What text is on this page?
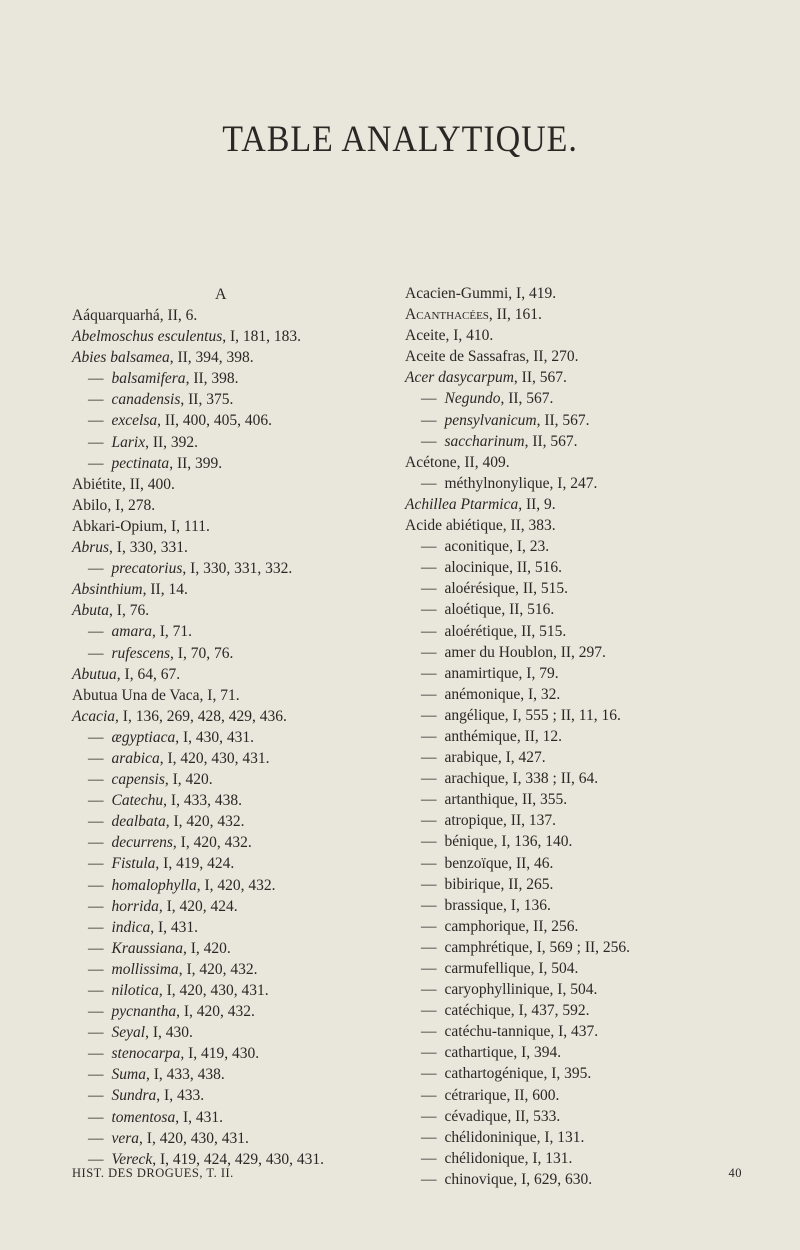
TABLE ANALYTIQUE.
A
Aáquarquarhá, II, 6.
Abelmoschus esculentus, I, 181, 183.
Abies balsamea, II, 394, 398.
— balsamifera, II, 398.
— canadensis, II, 375.
— excelsa, II, 400, 405, 406.
— Larix, II, 392.
— pectinata, II, 399.
Abiétite, II, 400.
Abilo, I, 278.
Abkari-Opium, I, 111.
Abrus, I, 330, 331.
— precatorius, I, 330, 331, 332.
Absinthium, II, 14.
Abuta, I, 76.
— amara, I, 71.
— rufescens, I, 70, 76.
Abutua, I, 64, 67.
Abutua Una de Vaca, I, 71.
Acacia, I, 136, 269, 428, 429, 436.
— ægyptiaca, I, 430, 431.
— arabica, I, 420, 430, 431.
— capensis, I, 420.
— Catechu, I, 433, 438.
— dealbata, I, 420, 432.
— decurrens, I, 420, 432.
— Fistula, I, 419, 424.
— homalophylla, I, 420, 432.
— horrida, I, 420, 424.
— indica, I, 431.
— Kraussiana, I, 420.
— mollissima, I, 420, 432.
— nilotica, I, 420, 430, 431.
— pycnantha, I, 420, 432.
— Seyal, I, 430.
— stenocarpa, I, 419, 430.
— Suma, I, 433, 438.
— Sundra, I, 433.
— tomentosa, I, 431.
— vera, I, 420, 430, 431.
— Vereck, I, 419, 424, 429, 430, 431.
Acacien-Gummi, I, 419.
Acanthacées, II, 161.
Aceite, I, 410.
Aceite de Sassafras, II, 270.
Acer dasycarpum, II, 567.
— Negundo, II, 567.
— pensylvanicum, II, 567.
— saccharinum, II, 567.
Acétone, II, 409.
— méthylnonylique, I, 247.
Achillea Ptarmica, II, 9.
Acide abiétique, II, 383.
— aconitique, I, 23.
— alocinique, II, 516.
— aloérésique, II, 515.
— aloétique, II, 516.
— aloérétique, II, 515.
— amer du Houblon, II, 297.
— anamirtique, I, 79.
— anémonique, I, 32.
— angélique, I, 555 ; II, 11, 16.
— anthémique, II, 12.
— arabique, I, 427.
— arachique, I, 338 ; II, 64.
— artanthique, II, 355.
— atropique, II, 137.
— bénique, I, 136, 140.
— benzoïque, II, 46.
— bibirique, II, 265.
— brassique, I, 136.
— camphorique, II, 256.
— camphrétique, I, 569 ; II, 256.
— carmufellique, I, 504.
— caryophyllinique, I, 504.
— catéchique, I, 437, 592.
— catéchu-tannique, I, 437.
— cathartique, I, 394.
— cathartogénique, I, 395.
— cétrarique, II, 600.
— cévadique, II, 533.
— chélidoninique, I, 131.
— chélidonique, I, 131.
— chinovique, I, 629, 630.
HIST. DES DROGUES, T. II.	40
